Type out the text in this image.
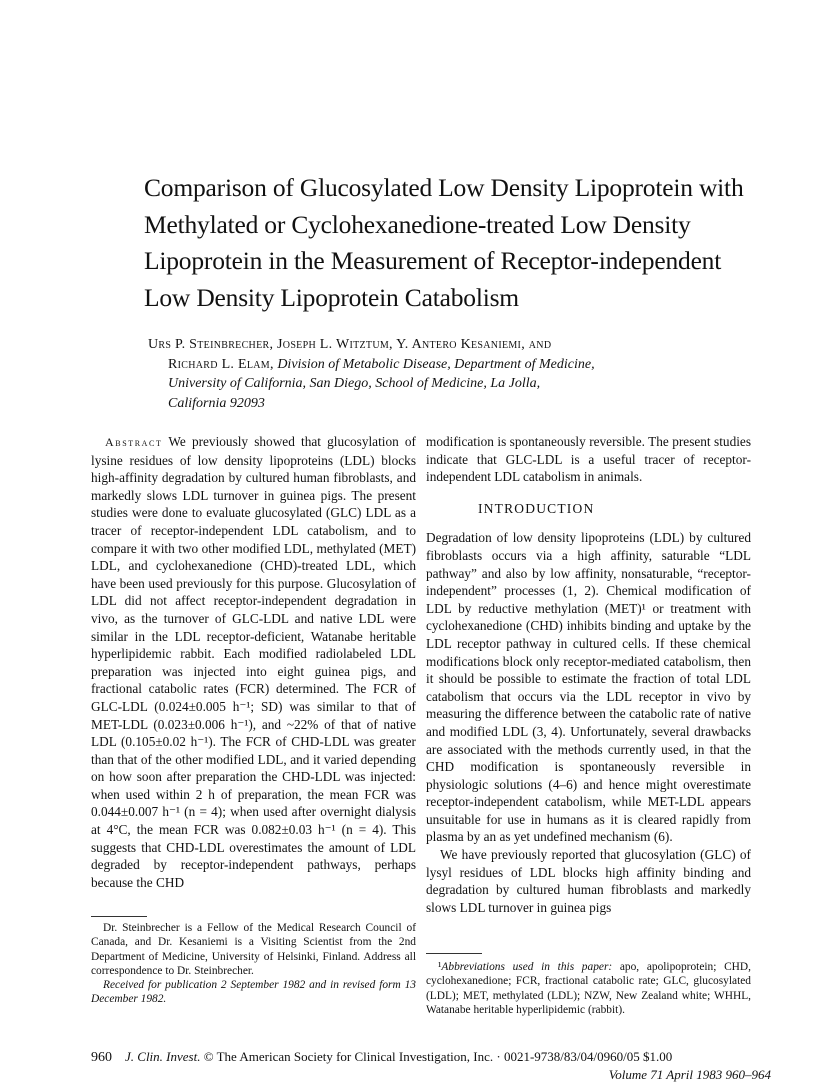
Comparison of Glucosylated Low Density Lipoprotein with Methylated or Cyclohexanedione-treated Low Density Lipoprotein in the Measurement of Receptor-independent Low Density Lipoprotein Catabolism
Urs P. Steinbrecher, Joseph L. Witztum, Y. Antero Kesaniemi, and
Richard L. Elam, Division of Metabolic Disease, Department of Medicine,
University of California, San Diego, School of Medicine, La Jolla,
California 92093

Abstract We previously showed that glucosylation of lysine residues of low density lipoproteins (LDL) blocks high-affinity degradation by cultured human fibroblasts, and markedly slows LDL turnover in guinea pigs. The present studies were done to evaluate glucosylated (GLC) LDL as a tracer of receptor-independent LDL catabolism, and to compare it with two other modified LDL, methylated (MET) LDL, and cyclohexanedione (CHD)-treated LDL, which have been used previously for this purpose. Glucosylation of LDL did not affect receptor-independent degradation in vivo, as the turnover of GLC-LDL and native LDL were similar in the LDL receptor-deficient, Watanabe heritable hyperlipidemic rabbit. Each modified radiolabeled LDL preparation was injected into eight guinea pigs, and fractional catabolic rates (FCR) determined. The FCR of GLC-LDL (0.024±0.005 h⁻¹; SD) was similar to that of MET-LDL (0.023±0.006 h⁻¹), and ~22% of that of native LDL (0.105±0.02 h⁻¹). The FCR of CHD-LDL was greater than that of the other modified LDL, and it varied depending on how soon after preparation the CHD-LDL was injected: when used within 2 h of preparation, the mean FCR was 0.044±0.007 h⁻¹ (n = 4); when used after overnight dialysis at 4°C, the mean FCR was 0.082±0.03 h⁻¹ (n = 4). This suggests that CHD-LDL overestimates the amount of LDL degraded by receptor-independent pathways, perhaps because the CHD

Dr. Steinbrecher is a Fellow of the Medical Research Council of Canada, and Dr. Kesaniemi is a Visiting Scientist from the 2nd Department of Medicine, University of Helsinki, Finland. Address all correspondence to Dr. Steinbrecher.

Received for publication 2 September 1982 and in revised form 13 December 1982.

modification is spontaneously reversible. The present studies indicate that GLC-LDL is a useful tracer of receptor-independent LDL catabolism in animals.

INTRODUCTION

Degradation of low density lipoproteins (LDL) by cultured fibroblasts occurs via a high affinity, saturable “LDL pathway” and also by low affinity, nonsaturable, “receptor-independent” processes (1, 2). Chemical modification of LDL by reductive methylation (MET)¹ or treatment with cyclohexanedione (CHD) inhibits binding and uptake by the LDL receptor pathway in cultured cells. If these chemical modifications block only receptor-mediated catabolism, then it should be possible to estimate the fraction of total LDL catabolism that occurs via the LDL receptor in vivo by measuring the difference between the catabolic rate of native and modified LDL (3, 4). Unfortunately, several drawbacks are associated with the methods currently used, in that the CHD modification is spontaneously reversible in physiologic solutions (4–6) and hence might overestimate receptor-independent catabolism, while MET-LDL appears unsuitable for use in humans as it is cleared rapidly from plasma by an as yet undefined mechanism (6).

We have previously reported that glucosylation (GLC) of lysyl residues of LDL blocks high affinity binding and degradation by cultured human fibroblasts and markedly slows LDL turnover in guinea pigs

¹Abbreviations used in this paper: apo, apolipoprotein; CHD, cyclohexanedione; FCR, fractional catabolic rate; GLC, glucosylated (LDL); MET, methylated (LDL); NZW, New Zealand white; WHHL, Watanabe heritable hyperlipidemic (rabbit).

960 J. Clin. Invest. © The American Society for Clinical Investigation, Inc. · 0021-9738/83/04/0960/05 $1.00
Volume 71 April 1983 960–964
